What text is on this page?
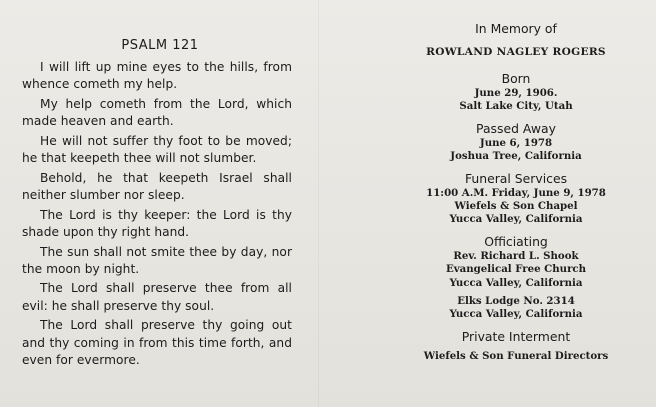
PSALM 121

I will lift up mine eyes to the hills, from whence cometh my help.

My help cometh from the Lord, which made heaven and earth.

He will not suffer thy foot to be moved; he that keepeth thee will not slumber.

Behold, he that keepeth Israel shall neither slumber nor sleep.

The Lord is thy keeper: the Lord is thy shade upon thy right hand.

The sun shall not smite thee by day, nor the moon by night.

The Lord shall preserve thee from all evil: he shall preserve thy soul.

The Lord shall preserve thy going out and thy coming in from this time forth, and even for evermore.

In Memory of
ROWLAND NAGLEY ROGERS
Born
June 29, 1906.
Salt Lake City, Utah
Passed Away
June 6, 1978
Joshua Tree, California
Funeral Services
11:00 A.M. Friday, June 9, 1978
Wiefels & Son Chapel
Yucca Valley, California
Officiating
Rev. Richard L. Shook
Evangelical Free Church
Yucca Valley, California
Elks Lodge No. 2314
Yucca Valley, California
Private Interment
Wiefels & Son Funeral Directors
